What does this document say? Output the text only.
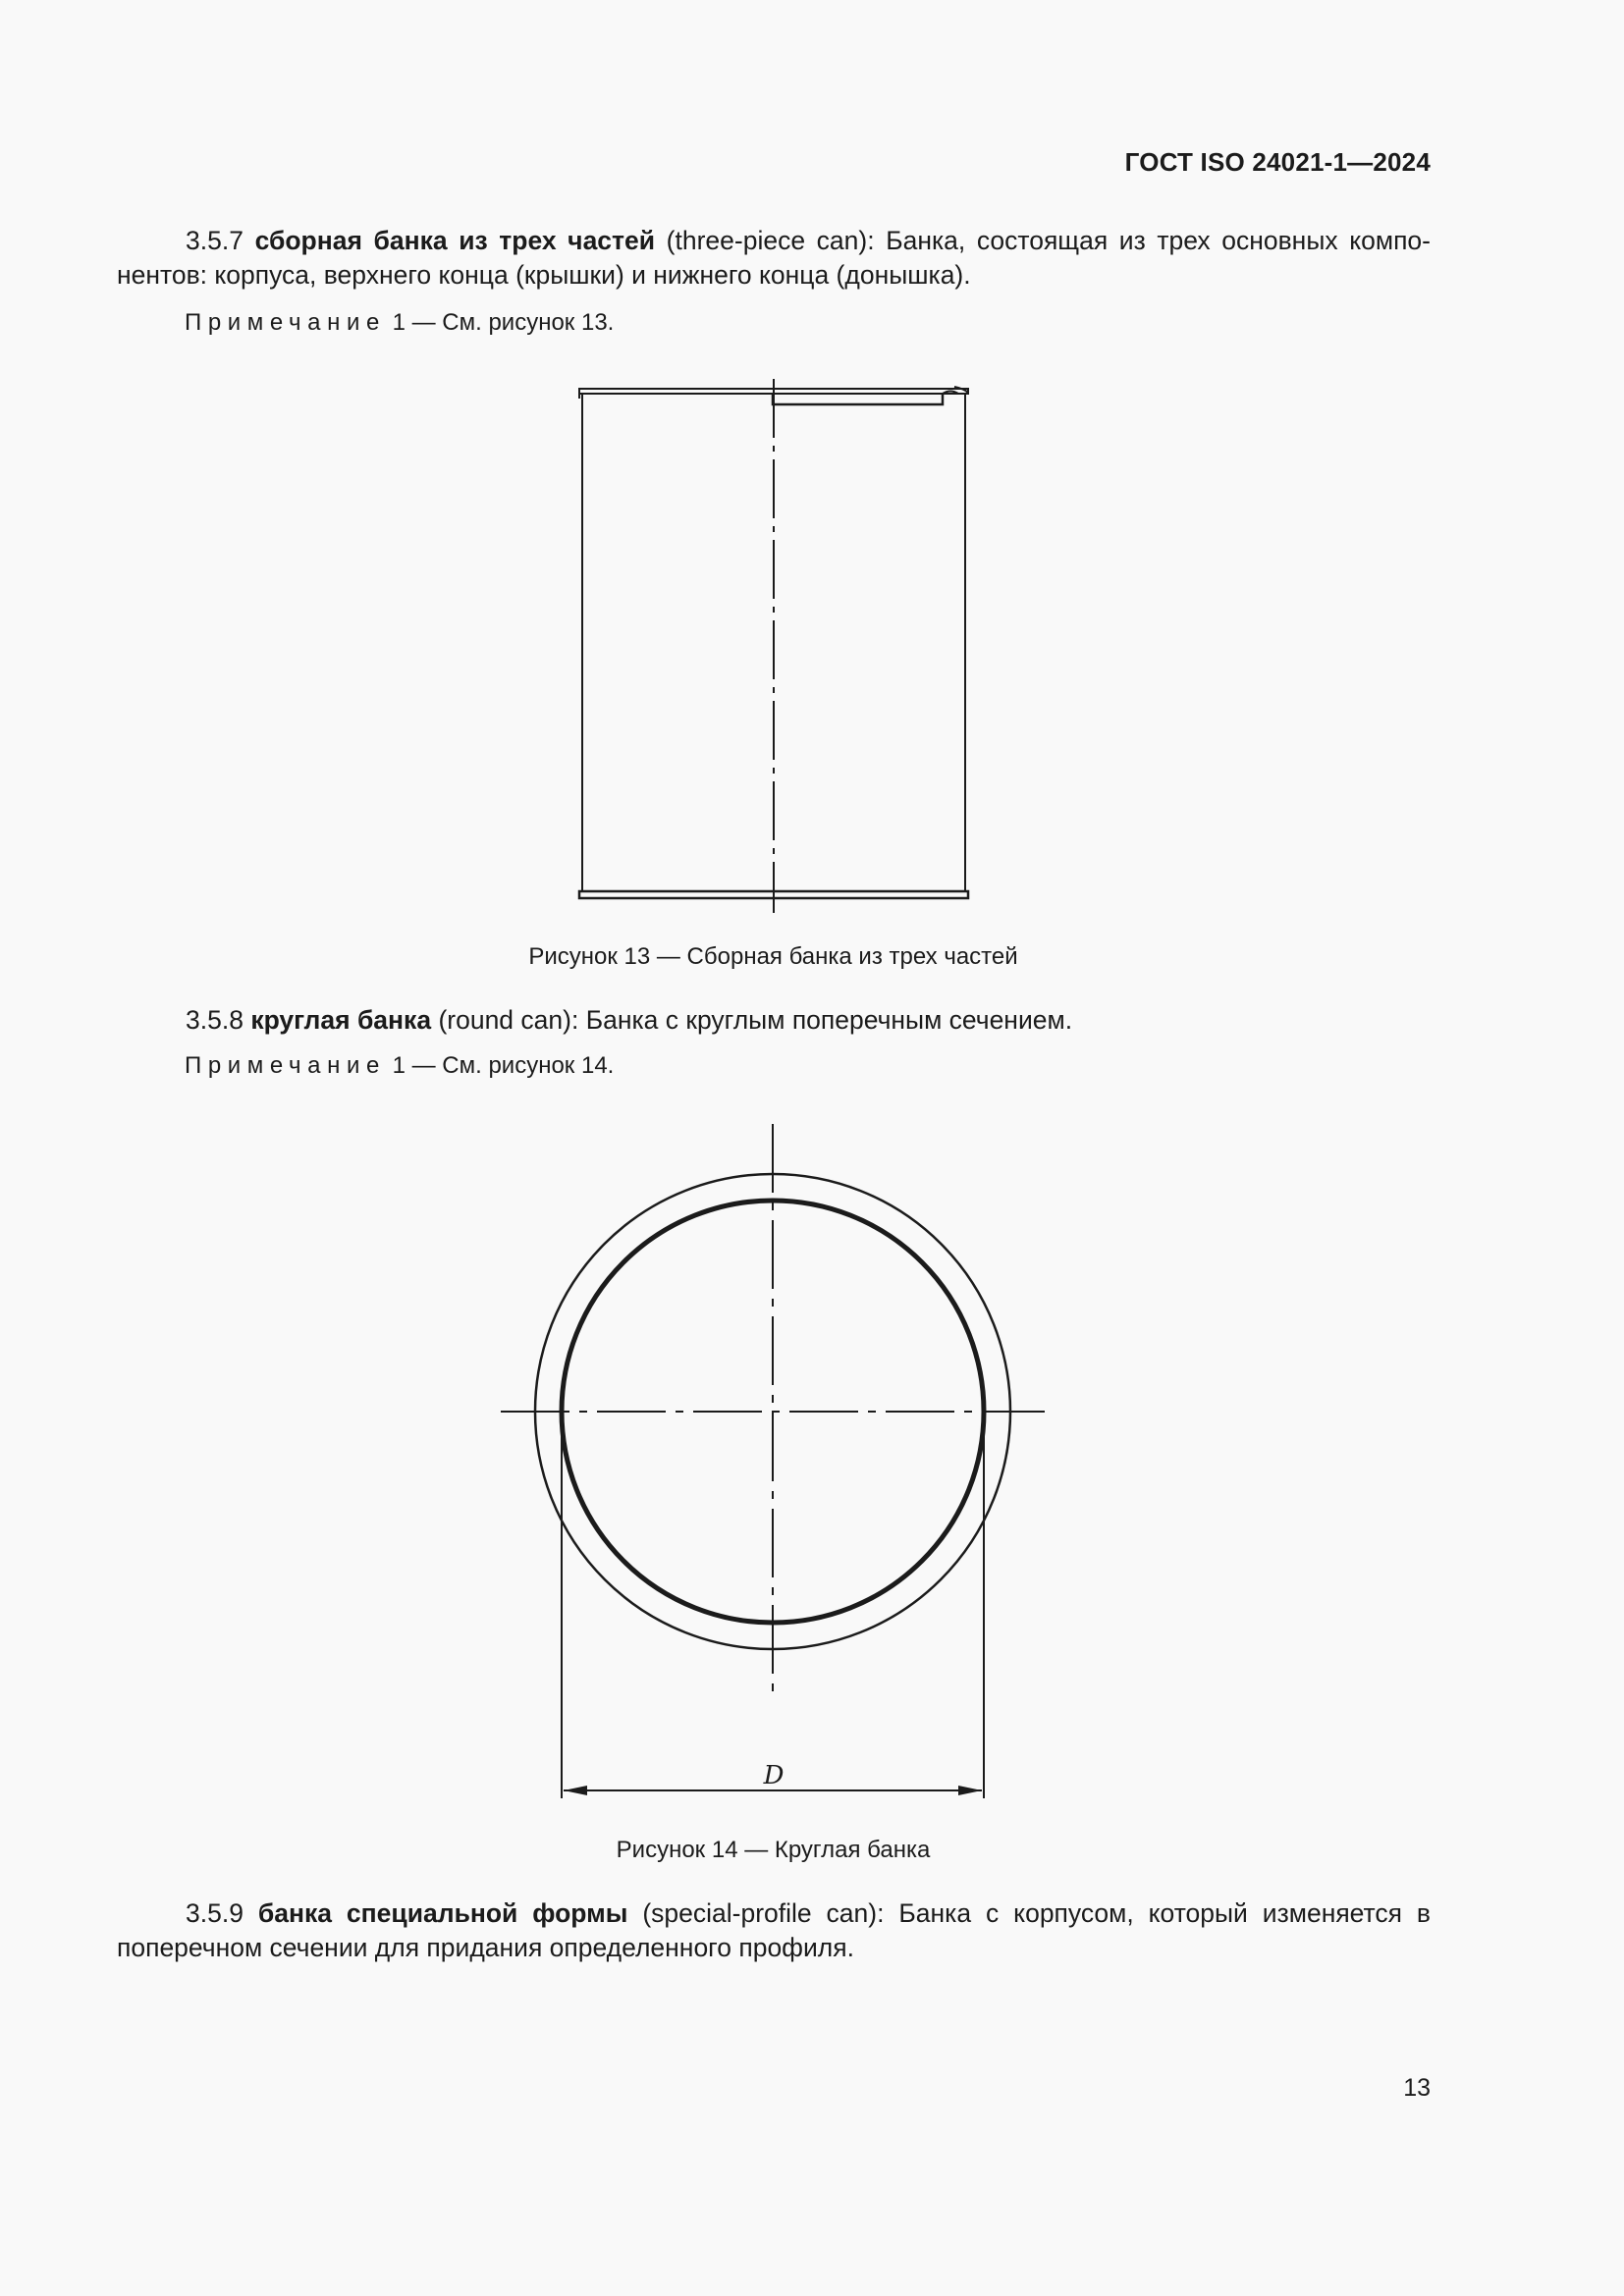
ГОСТ ISO 24021-1—2024
3.5.7 сборная банка из трех частей (three-piece can): Банка, состоящая из трех основных компо-
нентов: корпуса, верхнего конца (крышки) и нижнего конца (донышка).
Примечание 1 — См. рисунок 13.
D
Рисунок 13 — Сборная банка из трех частей
3.5.8 круглая банка (round can): Банка с круглым поперечным сечением.
Примечание 1 — См. рисунок 14.
Рисунок 14 — Круглая банка
3.5.9 банка специальной формы (special-profile can): Банка с корпусом, который изменяется в
поперечном сечении для придания определенного профиля.
13
